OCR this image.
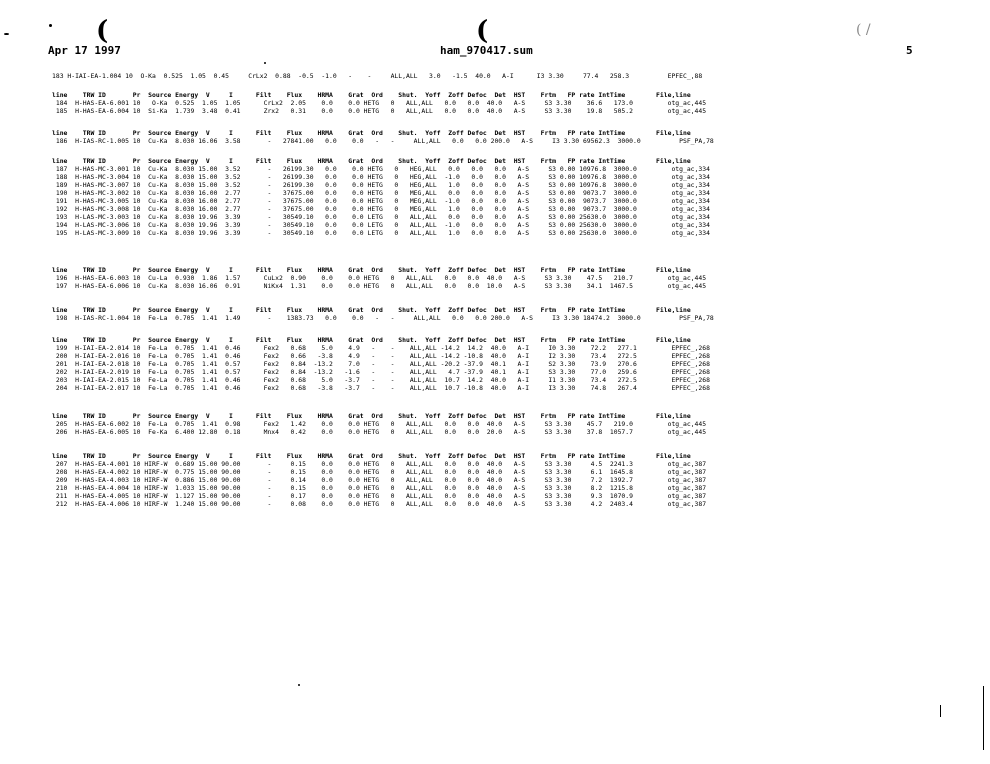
(	(	( /
Apr 17 1997	ham_970417.sum	5
183 H-IAI-EA-1.004 10  O-Ka  0.525  1.05  0.45     CrLx2  0.88  -0.5  -1.0   -    -     ALL,ALL   3.0   -1.5  40.0   A-I      I3 3.30     77.4   258.3          EPFEC_,88
line    TRW ID       Pr  Source Energy  V     I      Filt    Flux    HRMA    Grat  Ord    Shut.  Yoff  Zoff Defoc  Det  HST    Frtm   FP rate IntTime        File,line
184  H-HAS-EA-6.001 10   O-Ka  0.525  1.05  1.05      CrLx2  2.05    0.0    0.0 HETG   0   ALL,ALL   0.0   0.0  40.0   A-S     S3 3.30    36.6   173.0         otg_ac,445
185  H-HAS-EA-6.004 10  Si-Ka  1.739  3.48  0.41      Zrx2   0.31    0.0    0.0 HETG   0   ALL,ALL   0.0   0.0  40.0   A-S     S3 3.30    19.8   505.2         otg_ac,445
line    TRW ID       Pr  Source Energy  V     I      Filt    Flux    HRMA    Grat  Ord    Shut.  Yoff  Zoff Defoc  Det  HST    Frtm   FP rate IntTime        File,line
186  H-IAS-RC-1.005 10  Cu-Ka  8.030 16.06  3.58       -   27841.00   0.0    0.0   -   -     ALL,ALL   0.0   0.0 200.0   A-S     I3 3.30 69562.3  3000.0          PSF_PA,78
line    TRW ID       Pr  Source Energy  V     I      Filt    Flux    HRMA    Grat  Ord    Shut.  Yoff  Zoff Defoc  Det  HST    Frtm   FP rate IntTime        File,line
187  H-HAS-MC-3.001 10  Cu-Ka  8.030 15.00  3.52       -   26199.30   0.0    0.0 HETG   0   HEG,ALL   0.0   0.0   0.0   A-S     S3 0.00 10976.8  3000.0         otg_ac,334
188  H-HAS-MC-3.004 10  Cu-Ka  8.030 15.00  3.52       -   26199.30   0.0    0.0 HETG   0   HEG,ALL  -1.0   0.0   0.0   A-S     S3 0.00 10976.8  3000.0         otg_ac,334
189  H-HAS-MC-3.007 10  Cu-Ka  8.030 15.00  3.52       -   26199.30   0.0    0.0 HETG   0   HEG,ALL   1.0   0.0   0.0   A-S     S3 0.00 10976.8  3000.0         otg_ac,334
190  H-HAS-MC-3.002 10  Cu-Ka  8.030 16.00  2.77       -   37675.00   0.0    0.0 HETG   0   MEG,ALL   0.0   0.0   0.0   A-S     S3 0.00  9073.7  3000.0         otg_ac,334
191  H-HAS-MC-3.005 10  Cu-Ka  8.030 16.00  2.77       -   37675.00   0.0    0.0 HETG   0   MEG,ALL  -1.0   0.0   0.0   A-S     S3 0.00  9073.7  3000.0         otg_ac,334
192  H-HAS-MC-3.008 10  Cu-Ka  8.030 16.00  2.77       -   37675.00   0.0    0.0 HETG   0   MEG,ALL   1.0   0.0   0.0   A-S     S3 0.00  9073.7  3000.0         otg_ac,334
193  H-LAS-MC-3.003 10  Cu-Ka  8.030 19.96  3.39       -   30549.10   0.0    0.0 LETG   0   ALL,ALL   0.0   0.0   0.0   A-S     S3 0.00 25630.0  3000.0         otg_ac,334
194  H-LAS-MC-3.006 10  Cu-Ka  8.030 19.96  3.39       -   30549.10   0.0    0.0 LETG   0   ALL,ALL  -1.0   0.0   0.0   A-S     S3 0.00 25630.0  3000.0         otg_ac,334
195  H-LAS-MC-3.009 10  Cu-Ka  8.030 19.96  3.39       -   30549.10   0.0    0.0 LETG   0   ALL,ALL   1.0   0.0   0.0   A-S     S3 0.00 25630.0  3000.0         otg_ac,334
line    TRW ID       Pr  Source Energy  V     I      Filt    Flux    HRMA    Grat  Ord    Shut.  Yoff  Zoff Defoc  Det  HST    Frtm   FP rate IntTime        File,line
196  H-HAS-EA-6.003 10  Cu-La  0.930  1.86  1.57      CuLx2  0.90    0.0    0.0 HETG   0   ALL,ALL   0.0   0.0  40.0   A-S     S3 3.30    47.5   210.7         otg_ac,445
197  H-HAS-EA-6.006 10  Cu-Ka  8.030 16.06  0.91      NiKx4  1.31    0.0    0.0 HETG   0   ALL,ALL   0.0   0.0  10.0   A-S     S3 3.30    34.1  1467.5         otg_ac,445
line    TRW ID       Pr  Source Energy  V     I      Filt    Flux    HRMA    Grat  Ord    Shut.  Yoff  Zoff Defoc  Det  HST    Frtm   FP rate IntTime        File,line
198  H-IAS-RC-1.004 10  Fe-La  0.705  1.41  1.49       -    1383.73   0.0    0.0   -   -     ALL,ALL   0.0   0.0 200.0   A-S     I3 3.30 18474.2  3000.0          PSF_PA,78
line    TRW ID       Pr  Source Energy  V     I      Filt    Flux    HRMA    Grat  Ord    Shut.  Yoff  Zoff Defoc  Det  HST    Frtm   FP rate IntTime        File,line
199  H-IAI-EA-2.014 10  Fe-La  0.705  1.41  0.46      Fex2   0.68    5.0    4.9   -    -    ALL,ALL -14.2  14.2  40.0   A-I     I0 3.30    72.2   277.1         EPFEC_,268
200  H-IAI-EA-2.016 10  Fe-La  0.705  1.41  0.46      Fex2   0.66   -3.8    4.9   -    -    ALL,ALL -14.2 -10.8  40.0   A-I     I2 3.30    73.4   272.5         EPFEC_,268
201  H-IAI-EA-2.018 10  Fe-La  0.705  1.41  0.57      Fex2   0.84  -13.2    7.0   -    -    ALL,ALL -20.2 -37.9  40.1   A-I     S2 3.30    73.9   270.6         EPFEC_,268
202  H-IAI-EA-2.019 10  Fe-La  0.705  1.41  0.57      Fex2   0.84  -13.2   -1.6   -    -    ALL,ALL   4.7 -37.9  40.1   A-I     S3 3.30    77.0   259.6         EPFEC_,268
203  H-IAI-EA-2.015 10  Fe-La  0.705  1.41  0.46      Fex2   0.68    5.0   -3.7   -    -    ALL,ALL  10.7  14.2  40.0   A-I     I1 3.30    73.4   272.5         EPFEC_,268
204  H-IAI-EA-2.017 10  Fe-La  0.705  1.41  0.46      Fex2   0.68   -3.8   -3.7   -    -    ALL,ALL  10.7 -10.8  40.0   A-I     I3 3.30    74.8   267.4         EPFEC_,268
line    TRW ID       Pr  Source Energy  V     I      Filt    Flux    HRMA    Grat  Ord    Shut.  Yoff  Zoff Defoc  Det  HST    Frtm   FP rate IntTime        File,line
205  H-HAS-EA-6.002 10  Fe-La  0.705  1.41  0.98      Fex2   1.42    0.0    0.0 HETG   0   ALL,ALL   0.0   0.0  40.0   A-S     S3 3.30    45.7   219.0         otg_ac,445
206  H-HAS-EA-6.005 10  Fe-Ka  6.400 12.80  0.18      Mnx4   0.42    0.0    0.0 HETG   0   ALL,ALL   0.0   0.0  20.0   A-S     S3 3.30    37.8  1057.7         otg_ac,445
line    TRW ID       Pr  Source Energy  V     I      Filt    Flux    HRMA    Grat  Ord    Shut.  Yoff  Zoff Defoc  Det  HST    Frtm   FP rate IntTime        File,line
207  H-HAS-EA-4.001 10 HIRF-W  0.689 15.00 90.00       -     0.15    0.0    0.0 HETG   0   ALL,ALL   0.0   0.0  40.0   A-S     S3 3.30     4.5  2241.3         otg_ac,387
208  H-HAS-EA-4.002 10 HIRF-W  0.775 15.00 90.00       -     0.15    0.0    0.0 HETG   0   ALL,ALL   0.0   0.0  40.0   A-S     S3 3.30     6.1  1645.8         otg_ac,387
209  H-HAS-EA-4.003 10 HIRF-W  0.886 15.00 90.00       -     0.14    0.0    0.0 HETG   0   ALL,ALL   0.0   0.0  40.0   A-S     S3 3.30     7.2  1392.7         otg_ac,387
210  H-HAS-EA-4.004 10 HIRF-W  1.033 15.00 90.00       -     0.15    0.0    0.0 HETG   0   ALL,ALL   0.0   0.0  40.0   A-S     S3 3.30     8.2  1215.8         otg_ac,387
211  H-HAS-EA-4.005 10 HIRF-W  1.127 15.00 90.00       -     0.17    0.0    0.0 HETG   0   ALL,ALL   0.0   0.0  40.0   A-S     S3 3.30     9.3  1070.9         otg_ac,387
212  H-HAS-EA-4.006 10 HIRF-W  1.240 15.00 90.00       -     0.08    0.0    0.0 HETG   0   ALL,ALL   0.0   0.0  40.0   A-S     S3 3.30     4.2  2403.4         otg_ac,387
